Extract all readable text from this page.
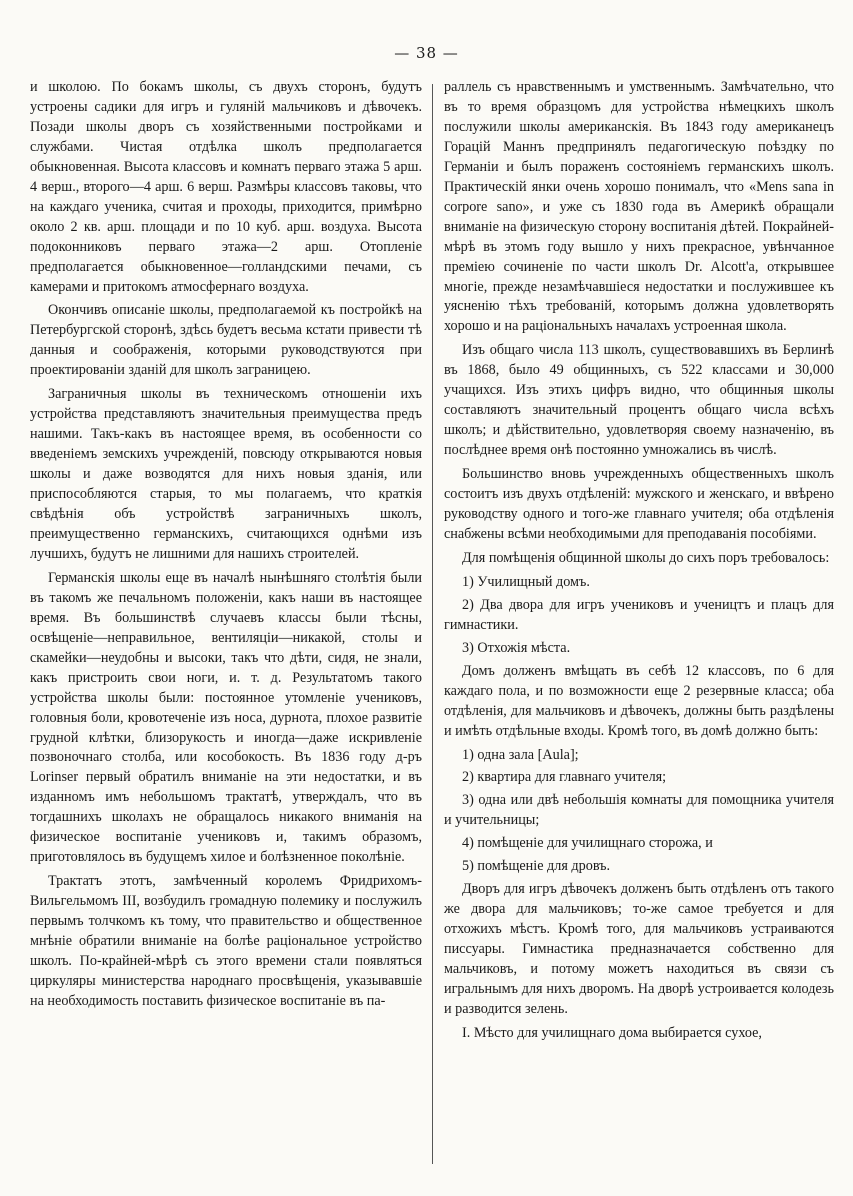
— 38 —

и школою. По бокамъ школы, съ двухъ сторонъ, будутъ устроены садики для игръ и гуляній мальчиковъ и дѣвочекъ. Позади школы дворъ съ хозяйственными постройками и службами. Чистая отдѣлка школъ предполагается обыкновенная. Высота классовъ и комнатъ перваго этажа 5 арш. 4 верш., второго—4 арш. 6 верш. Размѣры классовъ таковы, что на каждаго ученика, считая и проходы, приходится, примѣрно около 2 кв. арш. площади и по 10 куб. арш. воздуха. Высота подоконниковъ перваго этажа—2 арш. Отопленіе предполагается обыкновенное—голландскими печами, съ камерами и притокомъ атмосфернаго воздуха.

Окончивъ описаніе школы, предполагаемой къ постройкѣ на Петербургской сторонѣ, здѣсь будетъ весьма кстати привести тѣ данныя и соображенія, которыми руководствуются при проектированіи зданій для школъ заграницею.

Заграничныя школы въ техническомъ отношеніи ихъ устройства представляютъ значительныя преимущества предъ нашими. Такъ-какъ въ настоящее время, въ особенности со введеніемъ земскихъ учрежденій, повсюду открываются новыя школы и даже возводятся для нихъ новыя зданія, или приспособляются старыя, то мы полагаемъ, что краткія свѣдѣнія объ устройствѣ заграничныхъ школъ, преимущественно германскихъ, считающихся однѣми изъ лучшихъ, будутъ не лишними для нашихъ строителей.

Германскія школы еще въ началѣ нынѣшняго столѣтія были въ такомъ же печальномъ положеніи, какъ наши въ настоящее время. Въ большинствѣ случаевъ классы были тѣсны, освѣщеніе—неправильное, вентиляціи—никакой, столы и скамейки—неудобны и высоки, такъ что дѣти, сидя, не знали, какъ пристроить свои ноги, и. т. д. Результатомъ такого устройства школы были: постоянное утомленіе учениковъ, головныя боли, кровотеченіе изъ носа, дурнота, плохое развитіе грудной клѣтки, близорукость и иногда—даже искривленіе позвоночнаго столба, или кособокость. Въ 1836 году д-ръ Lorinser первый обратилъ вниманіе на эти недостатки, и въ изданномъ имъ небольшомъ трактатѣ, утверждалъ, что въ тогдашнихъ школахъ не обращалось никакого вниманія на физическое воспитаніе учениковъ и, такимъ образомъ, приготовлялось въ будущемъ хилое и болѣзненное поколѣніе.

Трактатъ этотъ, замѣченный королемъ Фридрихомъ-Вильгельмомъ III, возбудилъ громадную полемику и послужилъ первымъ толчкомъ къ тому, что правительство и общественное мнѣніе обратили вниманіе на болѣе раціональное устройство школъ. По-крайней-мѣрѣ съ этого времени стали появляться циркуляры министерства народнаго просвѣщенія, указывавшіе на необходимость поставить физическое воспитаніе въ па-

раллель съ нравственнымъ и умственнымъ. Замѣчательно, что въ то время образцомъ для устройства нѣмецкихъ школъ послужили школы американскія. Въ 1843 году американецъ Горацій Маннъ предпринялъ педагогическую поѣздку по Германіи и былъ пораженъ состояніемъ германскихъ школъ. Практическій янки очень хорошо понималъ, что «Mens sana in corpore sano», и уже съ 1830 года въ Америкѣ обращали вниманіе на физическую сторону воспитанія дѣтей. Покрайней-мѣрѣ въ этомъ году вышло у нихъ прекрасное, увѣнчанное преміею сочиненіе по части школъ Dr. Alcott'а, открывшее многіе, прежде незамѣчавшіеся недостатки и послужившее къ уясненію тѣхъ требованій, которымъ должна удовлетворять хорошо и на раціональныхъ началахъ устроенная школа.

Изъ общаго числа 113 школъ, существовавшихъ въ Берлинѣ въ 1868, было 49 общинныхъ, съ 522 классами и 30,000 учащихся. Изъ этихъ цифръ видно, что общинныя школы составляютъ значительный процентъ общаго числа всѣхъ школъ; и дѣйствительно, удовлетворяя своему назначенію, въ послѣднее время онѣ постоянно умножались въ числѣ.

Большинство вновь учрежденныхъ общественныхъ школъ состоитъ изъ двухъ отдѣленій: мужского и женскаго, и ввѣрено руководству одного и того-же главнаго учителя; оба отдѣленія снабжены всѣми необходимыми для преподаванія пособіями.

Для помѣщенія общинной школы до сихъ поръ требовалось:

1) Училищный домъ.

2) Два двора для игръ учениковъ и учеництъ и плацъ для гимнастики.

3) Отхожія мѣста.

Домъ долженъ вмѣщать въ себѣ 12 классовъ, по 6 для каждаго пола, и по возможности еще 2 резервные класса; оба отдѣленія, для мальчиковъ и дѣвочекъ, должны быть раздѣлены и имѣть отдѣльные входы. Кромѣ того, въ домѣ должно быть:

1) одна зала [Aula];

2) квартира для главнаго учителя;

3) одна или двѣ небольшія комнаты для помощника учителя и учительницы;

4) помѣщеніе для училищнаго сторожа, и

5) помѣщеніе для дровъ.

Дворъ для игръ дѣвочекъ долженъ быть отдѣленъ отъ такого же двора для мальчиковъ; то-же самое требуется и для отхожихъ мѣстъ. Кромѣ того, для мальчиковъ устраиваются писсуары. Гимнастика предназначается собственно для мальчиковъ, и потому можетъ находиться въ связи съ игральнымъ для нихъ дворомъ. На дворѣ устроивается колодезь и разводится зелень.

I. Мѣсто для училищнаго дома выбирается сухое,
